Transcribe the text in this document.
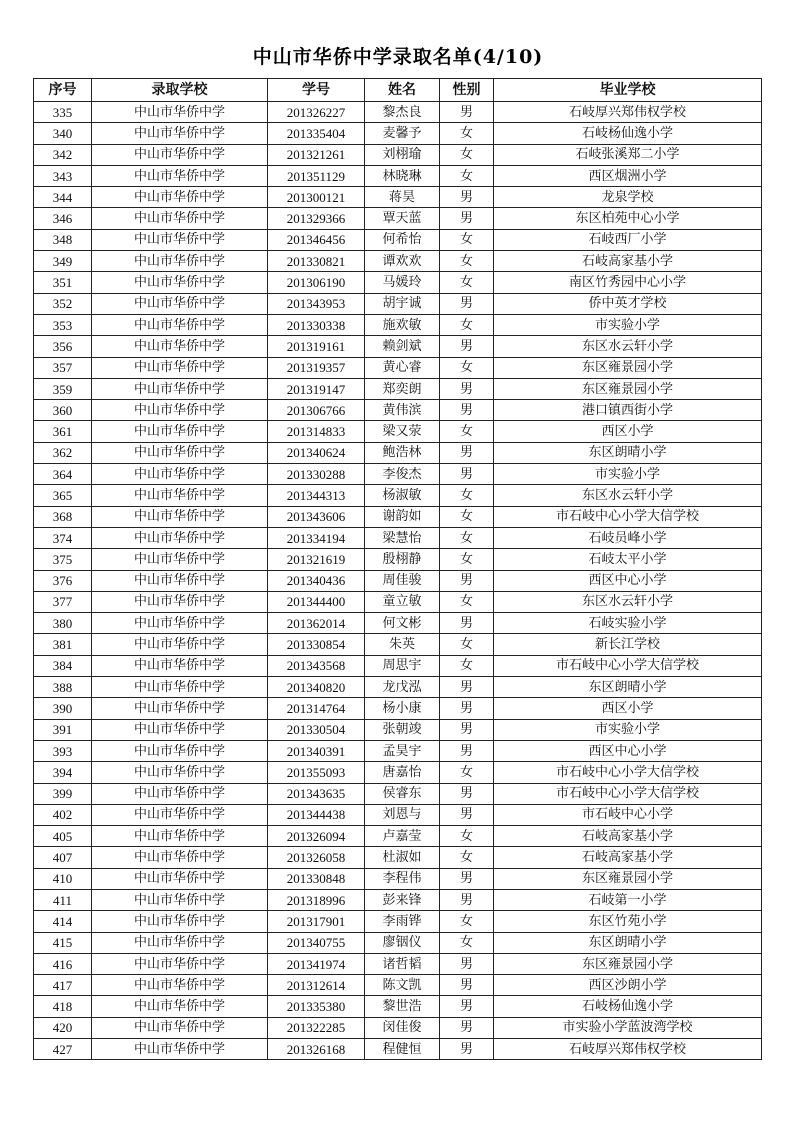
中山市华侨中学录取名单(4/10)
序号	录取学校	学号	姓名	性别	毕业学校
335	中山市华侨中学	201326227	黎杰良	男	石岐厚兴郑伟权学校
340	中山市华侨中学	201335404	麦馨予	女	石岐杨仙逸小学
342	中山市华侨中学	201321261	刘栩瑜	女	石岐张溪郑二小学
343	中山市华侨中学	201351129	林晓琳	女	西区烟洲小学
344	中山市华侨中学	201300121	蒋昊	男	龙泉学校
346	中山市华侨中学	201329366	覃天蓝	男	东区柏苑中心小学
348	中山市华侨中学	201346456	何希怡	女	石岐西厂小学
349	中山市华侨中学	201330821	谭欢欢	女	石岐高家基小学
351	中山市华侨中学	201306190	马媛玲	女	南区竹秀园中心小学
352	中山市华侨中学	201343953	胡宇诚	男	侨中英才学校
353	中山市华侨中学	201330338	施欢敏	女	市实验小学
356	中山市华侨中学	201319161	赖剑斌	男	东区水云轩小学
357	中山市华侨中学	201319357	黄心睿	女	东区雍景园小学
359	中山市华侨中学	201319147	郑奕朗	男	东区雍景园小学
360	中山市华侨中学	201306766	黄伟滨	男	港口镇西街小学
361	中山市华侨中学	201314833	梁又荥	女	西区小学
362	中山市华侨中学	201340624	鲍浩林	男	东区朗晴小学
364	中山市华侨中学	201330288	李俊杰	男	市实验小学
365	中山市华侨中学	201344313	杨淑敏	女	东区水云轩小学
368	中山市华侨中学	201343606	谢韵如	女	市石岐中心小学大信学校
374	中山市华侨中学	201334194	梁慧怡	女	石岐员峰小学
375	中山市华侨中学	201321619	殷栩静	女	石岐太平小学
376	中山市华侨中学	201340436	周佳骏	男	西区中心小学
377	中山市华侨中学	201344400	童立敏	女	东区水云轩小学
380	中山市华侨中学	201362014	何文彬	男	石岐实验小学
381	中山市华侨中学	201330854	朱英	女	新长江学校
384	中山市华侨中学	201343568	周思宇	女	市石岐中心小学大信学校
388	中山市华侨中学	201340820	龙戊泓	男	东区朗晴小学
390	中山市华侨中学	201314764	杨小康	男	西区小学
391	中山市华侨中学	201330504	张朝竣	男	市实验小学
393	中山市华侨中学	201340391	孟昊宇	男	西区中心小学
394	中山市华侨中学	201355093	唐嘉怡	女	市石岐中心小学大信学校
399	中山市华侨中学	201343635	侯睿东	男	市石岐中心小学大信学校
402	中山市华侨中学	201344438	刘恩与	男	市石岐中心小学
405	中山市华侨中学	201326094	卢嘉莹	女	石岐高家基小学
407	中山市华侨中学	201326058	杜淑如	女	石岐高家基小学
410	中山市华侨中学	201330848	李程伟	男	东区雍景园小学
411	中山市华侨中学	201318996	彭来锋	男	石岐第一小学
414	中山市华侨中学	201317901	李雨铧	女	东区竹苑小学
415	中山市华侨中学	201340755	廖铟仪	女	东区朗晴小学
416	中山市华侨中学	201341974	诸哲韬	男	东区雍景园小学
417	中山市华侨中学	201312614	陈文凯	男	西区沙朗小学
418	中山市华侨中学	201335380	黎世浩	男	石岐杨仙逸小学
420	中山市华侨中学	201322285	闵佳俊	男	市实验小学蓝波湾学校
427	中山市华侨中学	201326168	程健恒	男	石岐厚兴郑伟权学校
